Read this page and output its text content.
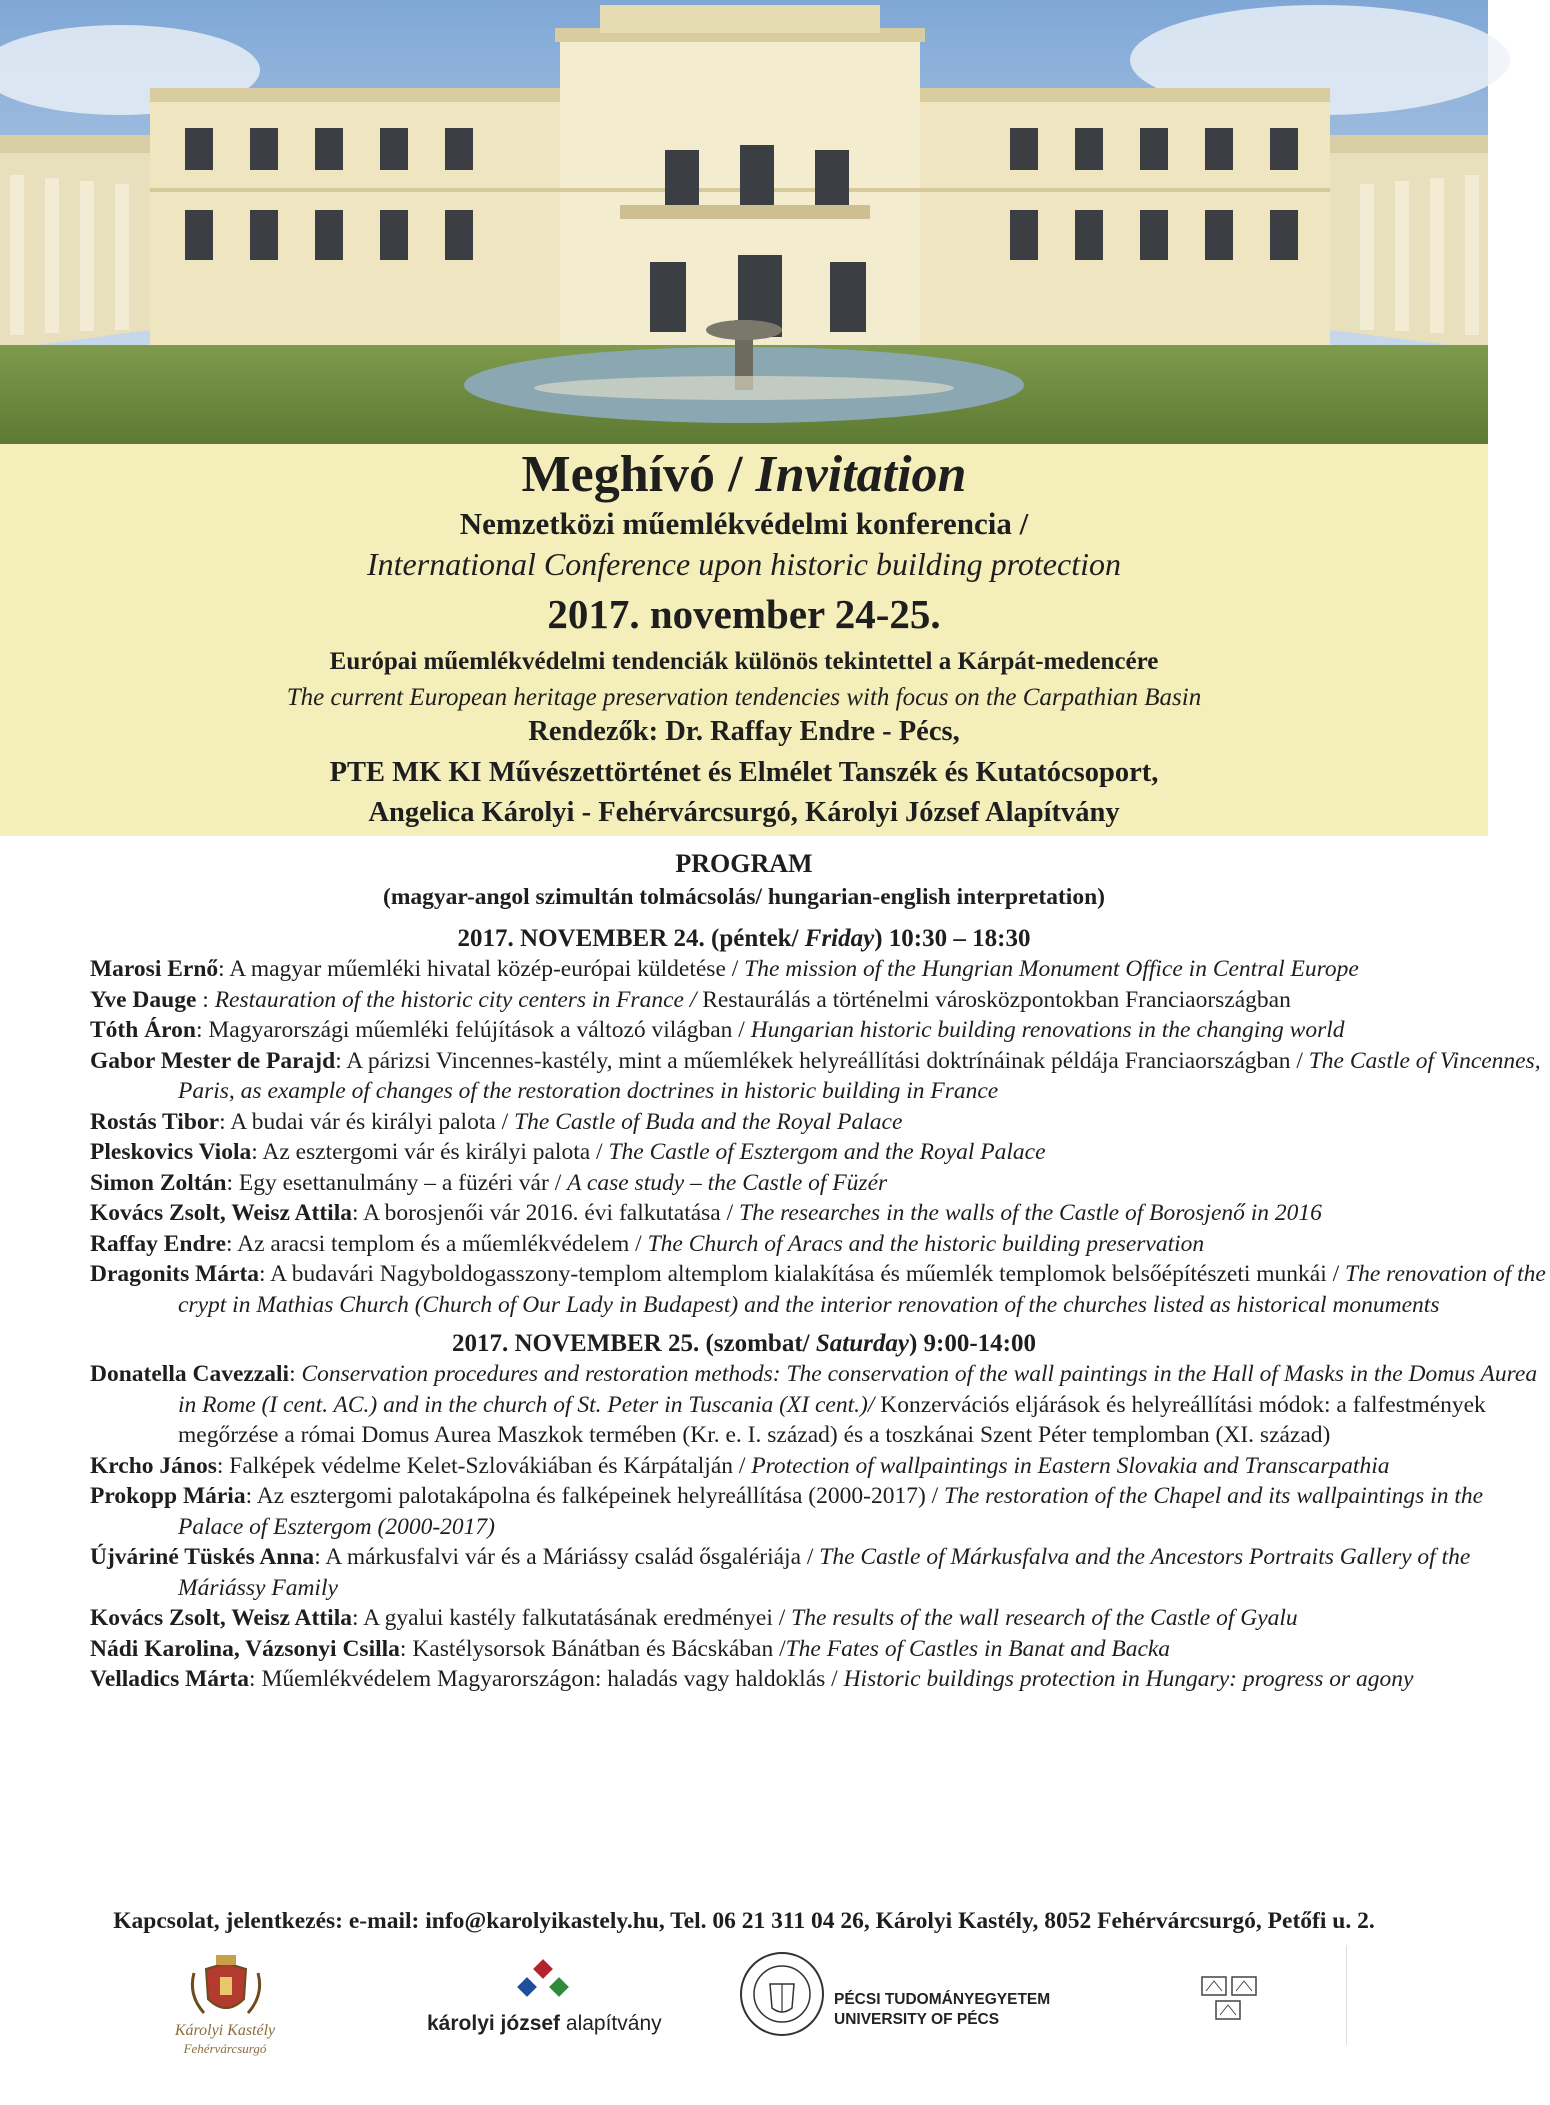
Meghívó / Invitation
Nemzetközi műemlékvédelmi konferencia /
International Conference upon historic building protection
2017. november 24-25.
Európai műemlékvédelmi tendenciák különös tekintettel a Kárpát-medencére
The current European heritage preservation tendencies with focus on the Carpathian Basin
Rendezők: Dr. Raffay Endre - Pécs,
PTE MK KI Művészettörténet és Elmélet Tanszék és Kutatócsoport,
Angelica Károlyi - Fehérvárcsurgó, Károlyi József Alapítvány
PROGRAM
(magyar-angol szimultán tolmácsolás/ hungarian-english interpretation)
2017. NOVEMBER 24. (péntek/ Friday) 10:30 – 18:30
Marosi Ernő: A magyar műemléki hivatal közép-európai küldetése / The mission of the Hungrian Monument Office in Central Europe
Yve Dauge : Restauration of the historic city centers in France / Restaurálás a történelmi városközpontokban Franciaországban
Tóth Áron: Magyarországi műemléki felújítások a változó világban / Hungarian historic building renovations in the changing world
Gabor Mester de Parajd: A párizsi Vincennes-kastély, mint a műemlékek helyreállítási doktrínáinak példája Franciaországban / The Castle of Vincennes, Paris, as example of changes of the restoration doctrines in historic building in France
Rostás Tibor: A budai vár és királyi palota / The Castle of Buda and the Royal Palace
Pleskovics Viola: Az esztergomi vár és királyi palota / The Castle of Esztergom and the Royal Palace
Simon Zoltán: Egy esettanulmány – a füzéri vár / A case study – the Castle of Füzér
Kovács Zsolt, Weisz Attila: A borosjenői vár 2016. évi falkutatása / The researches in the walls of the Castle of Borosjenő in 2016
Raffay Endre: Az aracsi templom és a műemlékvédelem / The Church of Aracs and the historic building preservation
Dragonits Márta: A budavári Nagyboldogasszony-templom altemplom kialakítása és műemlék templomok belsőépítészeti munkái / The renovation of the crypt in Mathias Church (Church of Our Lady in Budapest) and the interior renovation of the churches listed as historical monuments
2017. NOVEMBER 25. (szombat/ Saturday) 9:00-14:00
Donatella Cavezzali: Conservation procedures and restoration methods: The conservation of the wall paintings in the Hall of Masks in the Domus Aurea in Rome (I cent. AC.) and in the church of St. Peter in Tuscania (XI cent.)/ Konzervációs eljárások és helyreállítási módok: a falfestmények megőrzése a római Domus Aurea Maszkok termében (Kr. e. I. század) és a toszkánai Szent Péter templomban (XI. század)
Krcho János: Falképek védelme Kelet-Szlovákiában és Kárpátalján / Protection of wallpaintings in Eastern Slovakia and Transcarpathia
Prokopp Mária: Az esztergomi palotakápolna és falképeinek helyreállítása (2000-2017) / The restoration of the Chapel and its wallpaintings in the Palace of Esztergom (2000-2017)
Újváriné Tüskés Anna: A márkusfalvi vár és a Máriássy család ősgalériája / The Castle of Márkusfalva and the Ancestors Portraits Gallery of the Máriássy Family
Kovács Zsolt, Weisz Attila: A gyalui kastély falkutatásának eredményei / The results of the wall research of the Castle of Gyalu
Nádi Karolina, Vázsonyi Csilla: Kastélysorsok Bánátban és Bácskában /The Fates of Castles in Banat and Backa
Velladics Márta: Műemlékvédelem Magyarországon: haladás vagy haldoklás / Historic buildings protection in Hungary: progress or agony
Kapcsolat, jelentkezés: e-mail: info@karolyikastely.hu, Tel. 06 21 311 04 26, Károlyi Kastély, 8052 Fehérvárcsurgó, Petőfi u. 2.
Károlyi Kastély
Fehérvárcsurgó
károlyi józsef alapítvány
PÉCSI TUDOMÁNYEGYETEM
UNIVERSITY OF PÉCS
